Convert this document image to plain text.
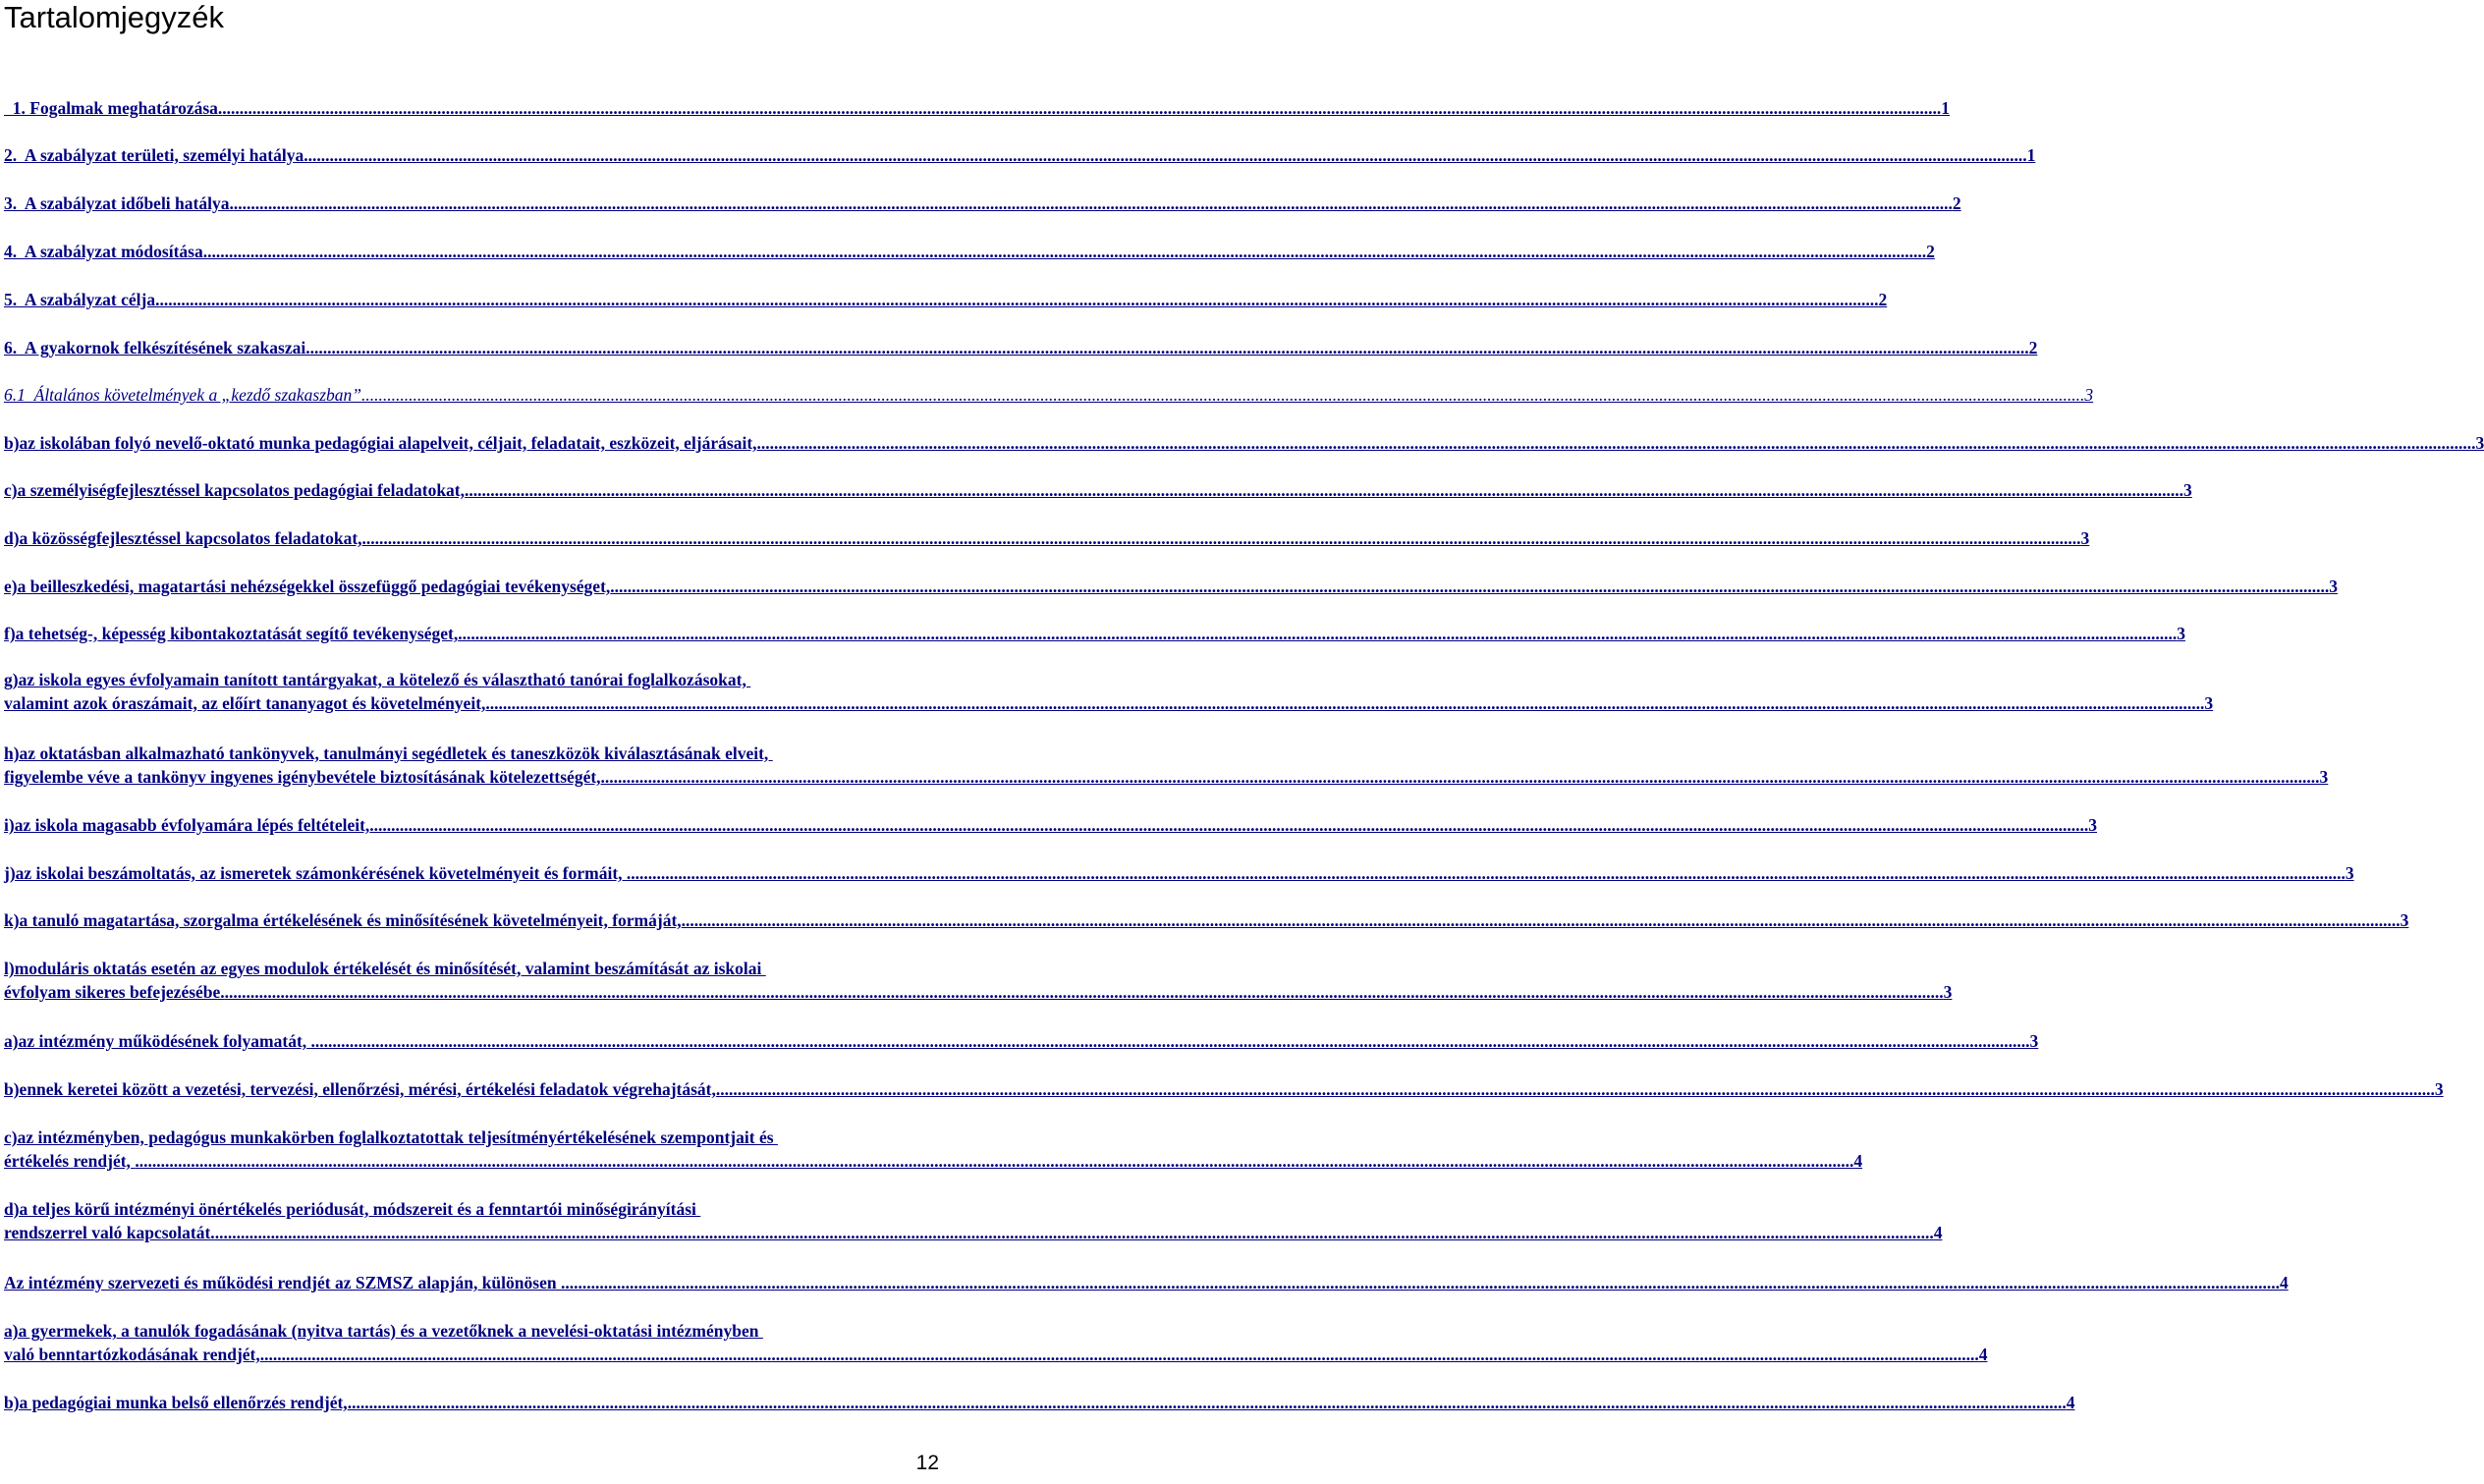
Tartalomjegyzék
1. Fogalmak meghatározása. ................................................................................................................................................................................................................................................................................................................................................................................................................ 1
2.  A szabályzat területi, személyi hatálya. ................................................................................................................................................................................................................................................................................................................................................................................................................ 1
3.  A szabályzat időbeli hatálya. ................................................................................................................................................................................................................................................................................................................................................................................................................ 2
4.  A szabályzat módosítása. ................................................................................................................................................................................................................................................................................................................................................................................................................ 2
5.  A szabályzat célja. ................................................................................................................................................................................................................................................................................................................................................................................................................ 2
6.  A gyakornok felkészítésének szakaszai. ................................................................................................................................................................................................................................................................................................................................................................................................................ 2
6.1  Általános követelmények a „kezdő szakaszban”. ................................................................................................................................................................................................................................................................................................................................................................................................................ 3
b)az iskolában folyó nevelő-oktató munka pedagógiai alapelveit, céljait, feladatait, eszközeit, eljárásait, ................................................................................................................................................................................................................................................................................................................................................................................................................ 3
c)a személyiségfejlesztéssel kapcsolatos pedagógiai feladatokat, ................................................................................................................................................................................................................................................................................................................................................................................................................ 3
d)a közösségfejlesztéssel kapcsolatos feladatokat, ................................................................................................................................................................................................................................................................................................................................................................................................................ 3
e)a beilleszkedési, magatartási nehézségekkel összefüggő pedagógiai tevékenységet, ................................................................................................................................................................................................................................................................................................................................................................................................................ 3
f)a tehetség-, képesség kibontakoztatását segítő tevékenységet, ................................................................................................................................................................................................................................................................................................................................................................................................................ 3
g)az iskola egyes évfolyamain tanított tantárgyakat, a kötelező és választható tanórai foglalkozásokat,
valamint azok óraszámait, az előírt tananyagot és követelményeit, ................................................................................................................................................................................................................................................................................................................................................................................................................ 3
h)az oktatásban alkalmazható tankönyvek, tanulmányi segédletek és taneszközök kiválasztásának elveit,
figyelembe véve a tankönyv ingyenes igénybevétele biztosításának kötelezettségét, ................................................................................................................................................................................................................................................................................................................................................................................................................ 3
i)az iskola magasabb évfolyamára lépés feltételeit, ................................................................................................................................................................................................................................................................................................................................................................................................................ 3
j)az iskolai beszámoltatás, az ismeretek számonkérésének követelményeit és formáit, ................................................................................................................................................................................................................................................................................................................................................................................................................ 3
k)a tanuló magatartása, szorgalma értékelésének és minősítésének követelményeit, formáját, ................................................................................................................................................................................................................................................................................................................................................................................................................ 3
l)moduláris oktatás esetén az egyes modulok értékelését és minősítését, valamint beszámítását az iskolai
évfolyam sikeres befejezésébe. ................................................................................................................................................................................................................................................................................................................................................................................................................ 3
a)az intézmény működésének folyamatát, ................................................................................................................................................................................................................................................................................................................................................................................................................ 3
b)ennek keretei között a vezetési, tervezési, ellenőrzési, mérési, értékelési feladatok végrehajtását, ................................................................................................................................................................................................................................................................................................................................................................................................................ 3
c)az intézményben, pedagógus munkakörben foglalkoztatottak teljesítményértékelésének szempontjait és
értékelés rendjét, ................................................................................................................................................................................................................................................................................................................................................................................................................ 4
d)a teljes körű intézményi önértékelés periódusát, módszereit és a fenntartói minőségirányítási
rendszerrel való kapcsolatát. ................................................................................................................................................................................................................................................................................................................................................................................................................ 4
Az intézmény szervezeti és működési rendjét az SZMSZ alapján, különösen ................................................................................................................................................................................................................................................................................................................................................................................................................ 4
a)a gyermekek, a tanulók fogadásának (nyitva tartás) és a vezetőknek a nevelési-oktatási intézményben
való benntartózkodásának rendjét, ................................................................................................................................................................................................................................................................................................................................................................................................................ 4
b)a pedagógiai munka belső ellenőrzés rendjét, ................................................................................................................................................................................................................................................................................................................................................................................................................ 4
12
